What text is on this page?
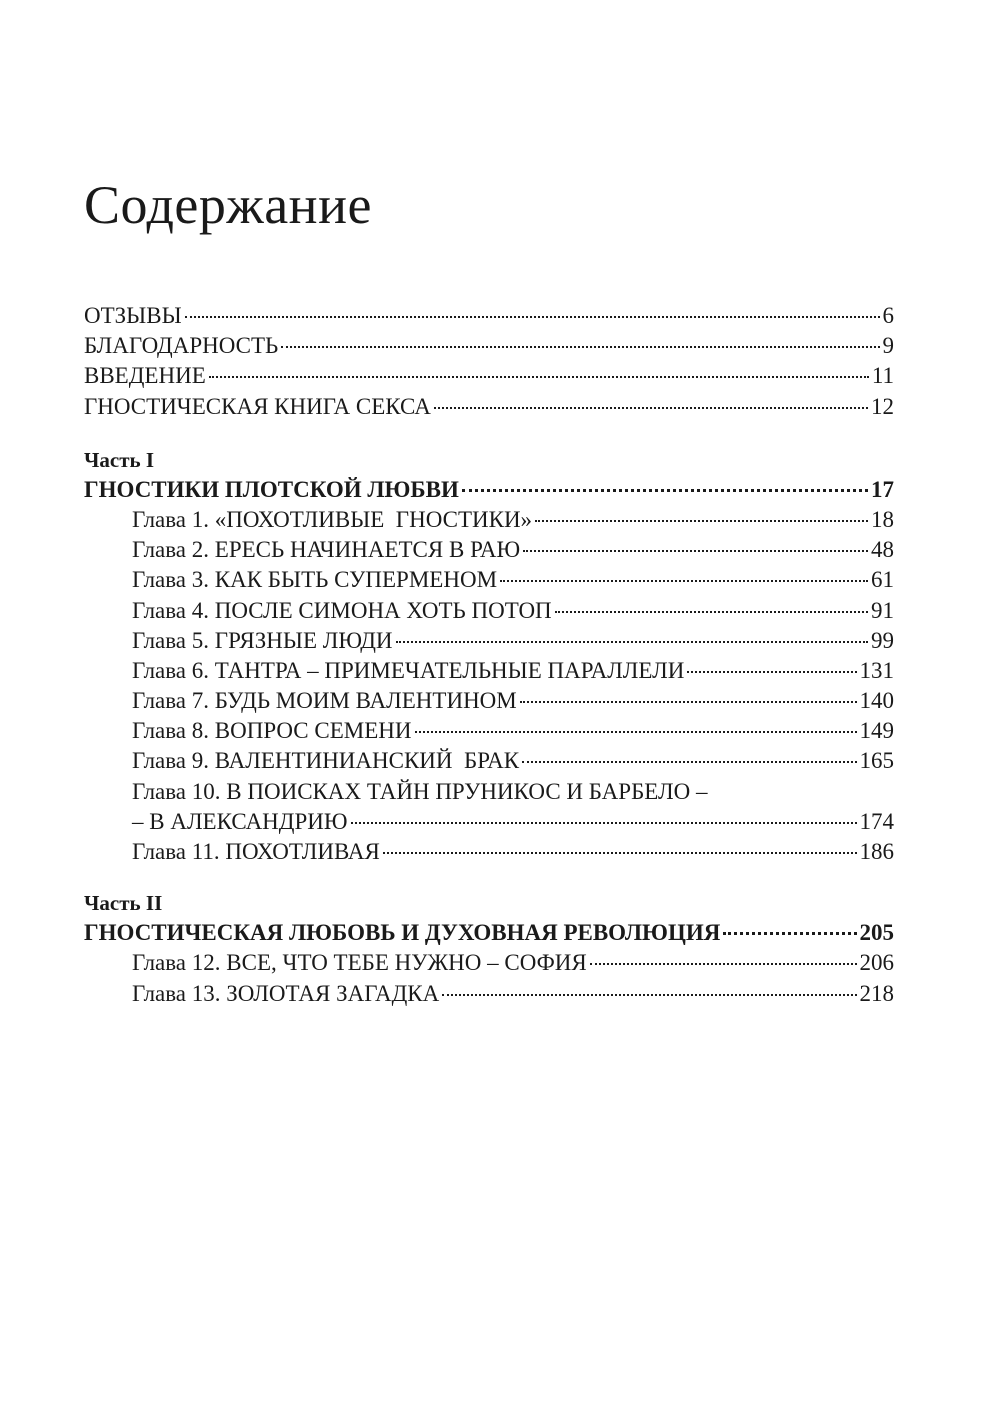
Содержание
ОТЗЫВЫ	6
БЛАГОДАРНОСТЬ	9
ВВЕДЕНИЕ	11
ГНОСТИЧЕСКАЯ КНИГА СЕКСА	12
Часть I
ГНОСТИКИ ПЛОТСКОЙ ЛЮБВИ	17
Глава 1. «ПОХОТЛИВЫЕ  ГНОСТИКИ»	18
Глава 2. ЕРЕСЬ НАЧИНАЕТСЯ В РАЮ	48
Глава 3. КАК БЫТЬ СУПЕРМЕНОМ	61
Глава 4. ПОСЛЕ СИМОНА ХОТЬ ПОТОП	91
Глава 5. ГРЯЗНЫЕ ЛЮДИ	99
Глава 6. ТАНТРА – ПРИМЕЧАТЕЛЬНЫЕ ПАРАЛЛЕЛИ	131
Глава 7. БУДЬ МОИМ ВАЛЕНТИНОМ	140
Глава 8. ВОПРОС СЕМЕНИ	149
Глава 9. ВАЛЕНТИНИАНСКИЙ  БРАК	165
Глава 10. В ПОИСКАХ ТАЙН ПРУНИКОС И БАРБЕЛО –
– В АЛЕКСАНДРИЮ	174
Глава 11. ПОХОТЛИВАЯ	186
Часть II
ГНОСТИЧЕСКАЯ ЛЮБОВЬ И ДУХОВНАЯ РЕВОЛЮЦИЯ	205
Глава 12. ВСЕ, ЧТО ТЕБЕ НУЖНО – СОФИЯ	206
Глава 13. ЗОЛОТАЯ ЗАГАДКА	218
